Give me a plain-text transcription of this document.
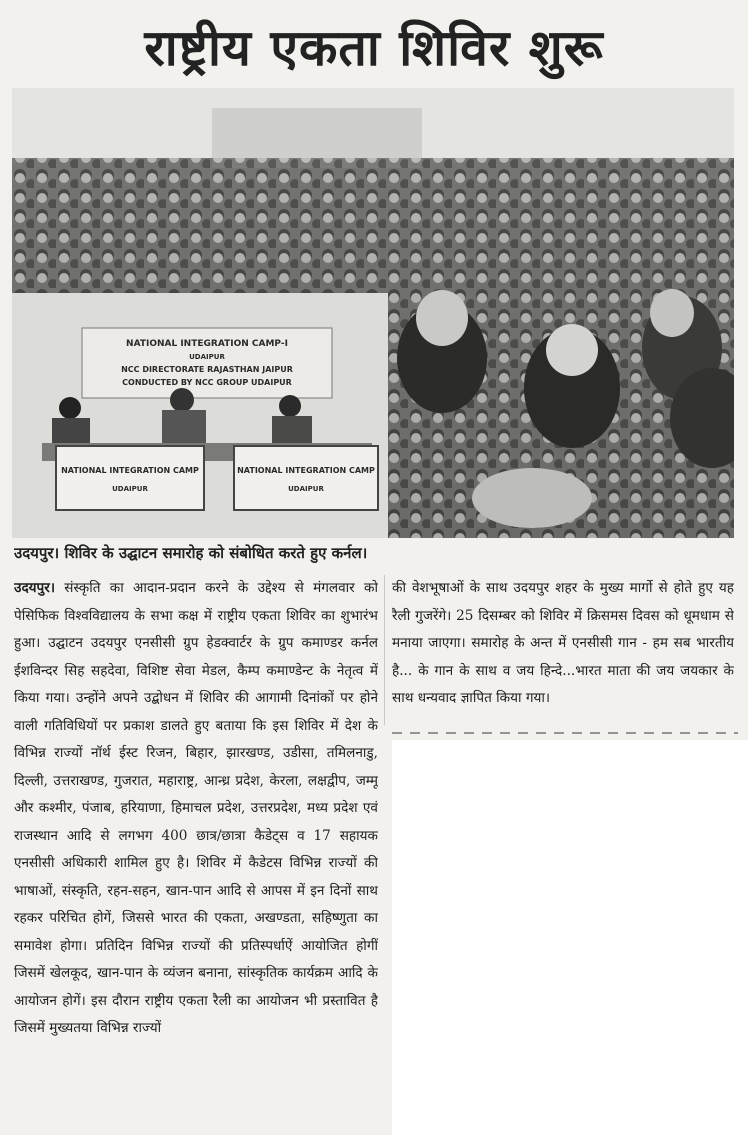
राष्ट्रीय एकता शिविर शुरू
NATIONAL INTEGRATION CAMP-I
UDAIPUR
NCC DIRECTORATE RAJASTHAN JAIPUR
CONDUCTED BY NCC GROUP UDAIPUR
NATIONAL INTEGRATION CAMP
UDAIPUR
NATIONAL INTEGRATION CAMP
UDAIPUR
उदयपुर। शिविर के उद्घाटन समारोह को संबोधित करते हुए कर्नल।
उदयपुर। संस्कृति का आदान-प्रदान करने के उद्देश्य से मंगलवार को पेसिफिक विश्वविद्यालय के सभा कक्ष में राष्ट्रीय एकता शिविर का शुभारंभ हुआ। उद्घाटन उदयपुर एनसीसी ग्रुप हेडक्वार्टर के ग्रुप कमाण्डर कर्नल ईशविन्दर सिह सहदेवा, विशिष्ट सेवा मेडल, कैम्प कमाण्डेन्ट के नेतृत्व में किया गया। उन्होंने अपने उद्बोधन में शिविर की आगामी दिनांकों पर होने वाली गतिविधियों पर प्रकाश डालते हुए बताया कि इस शिविर में देश के विभिन्न राज्यों नॉर्थ ईस्ट रिजन, बिहार, झारखण्ड, उडीसा, तमिलनाडु, दिल्ली, उत्तराखण्ड, गुजरात, महाराष्ट्र, आन्ध्र प्रदेश, केरला, लक्षद्वीप, जम्मू और कश्मीर, पंजाब, हरियाणा, हिमाचल प्रदेश, उत्तरप्रदेश, मध्य प्रदेश एवं राजस्थान आदि से लगभग 400 छात्र/छात्रा कैडेट्स व 17 सहायक एनसीसी अधिकारी शामिल हुए है। शिविर में कैडेटस विभिन्न राज्यों की भाषाओं, संस्कृति, रहन-सहन, खान-पान आदि से आपस में इन दिनों साथ रहकर परिचित होगें, जिससे भारत की एकता, अखण्डता, सहिष्णुता का समावेश होगा। प्रतिदिन विभिन्न राज्यों की प्रतिस्पर्धाऐं आयोजित होगीं जिसमें खेलकूद, खान-पान के व्यंजन बनाना, सांस्कृतिक कार्यक्रम आदि के आयोजन होगें। इस दौरान राष्ट्रीय एकता रैली का आयोजन भी प्रस्तावित है जिसमें मुख्यतया विभिन्न राज्यों
की वेशभूषाओं के साथ उदयपुर शहर के मुख्य मार्गो से होते हुए यह रैली गुजरेंगे। 25 दिसम्बर को शिविर में क्रिसमस दिवस को धूमधाम से मनाया जाएगा। समारोह के अन्त में एनसीसी गान - हम सब भारतीय है... के गान के साथ व जय हिन्दे...भारत माता की जय जयकार के साथ धन्यवाद ज्ञापित किया गया।
